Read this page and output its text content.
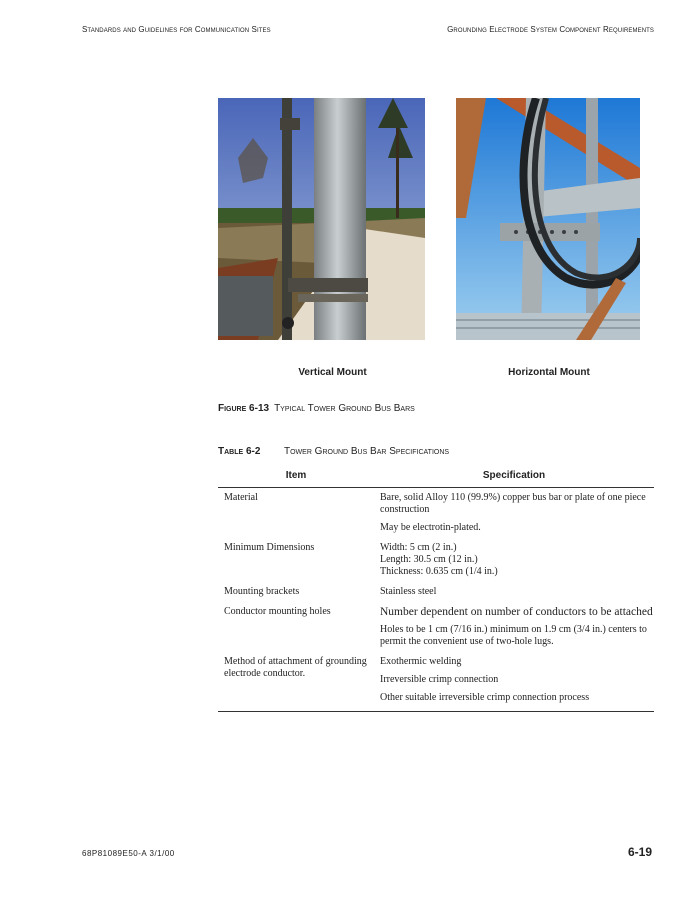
Standards and Guidelines for Communication Sites	Grounding Electrode System Component Requirements
Vertical Mount	Horizontal Mount
Figure 6-13 Typical Tower Ground Bus Bars
Table 6-2 Tower Ground Bus Bar Specifications
Item	Specification
Material	Bare, solid Alloy 110 (99.9%) copper bus bar or plate of one piece construction
May be electrotin-plated.

Minimum Dimensions	Width: 5 cm (2 in.)
Length: 30.5 cm (12 in.)
Thickness: 0.635 cm (1/4 in.)

Mounting brackets	Stainless steel

Conductor mounting holes	Number dependent on number of conductors to be attached
Holes to be 1 cm (7/16 in.) minimum on 1.9 cm (3/4 in.) centers to permit the convenient use of two-hole lugs.

Method of attachment of grounding electrode conductor.	Exothermic welding
Irreversible crimp connection
Other suitable irreversible crimp connection process
68P81089E50-A 3/1/00	6-19
